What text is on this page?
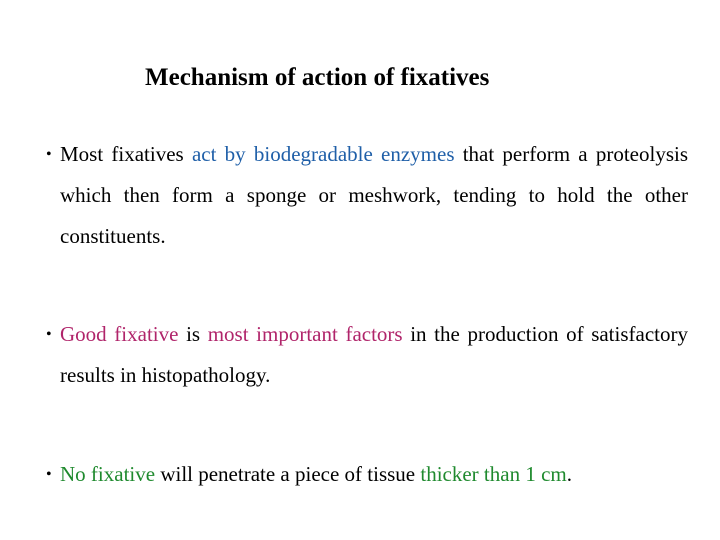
Mechanism of action of fixatives
• Most fixatives act by biodegradable enzymes that perform a proteolysis which then form a sponge or meshwork, tending to hold the other constituents.
• Good fixative is most important factors in the production of satisfactory results in histopathology.
• No fixative will penetrate a piece of tissue thicker than 1 cm.
